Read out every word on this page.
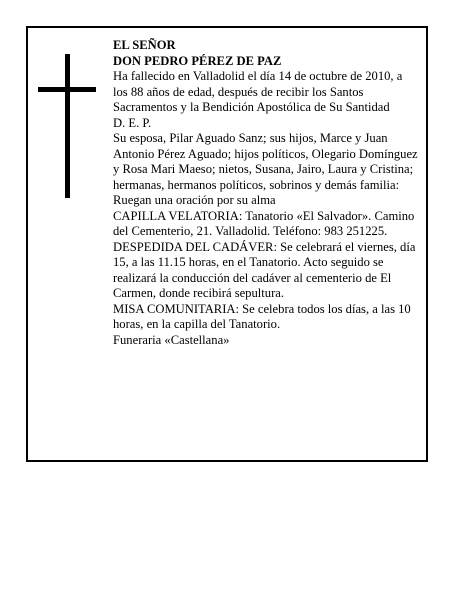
EL SEÑOR

DON PEDRO PÉREZ DE PAZ

Ha fallecido en Valladolid el día 14 de octubre de 2010, a los 88 años de edad, después de recibir los Santos Sacramentos y la Bendición Apostólica de Su Santidad

D. E. P.

Su esposa, Pilar Aguado Sanz; sus hijos, Marce y Juan Antonio Pérez Aguado; hijos políticos, Olegario Domínguez y Rosa Mari Maeso; nietos, Susana, Jairo, Laura y Cristina; hermanas, hermanos políticos, sobrinos y demás familia:

Ruegan una oración por su alma

CAPILLA VELATORIA: Tanatorio «El Salvador». Camino del Cementerio, 21. Valladolid. Teléfono: 983 251225.

DESPEDIDA DEL CADÁVER: Se celebrará el viernes, día 15, a las 11.15 horas, en el Tanatorio. Acto seguido se realizará la conducción del cadáver al cementerio de El Carmen, donde recibirá sepultura.

MISA COMUNITARIA: Se celebra todos los días, a las 10 horas, en la capilla del Tanatorio.

Funeraria «Castellana»
